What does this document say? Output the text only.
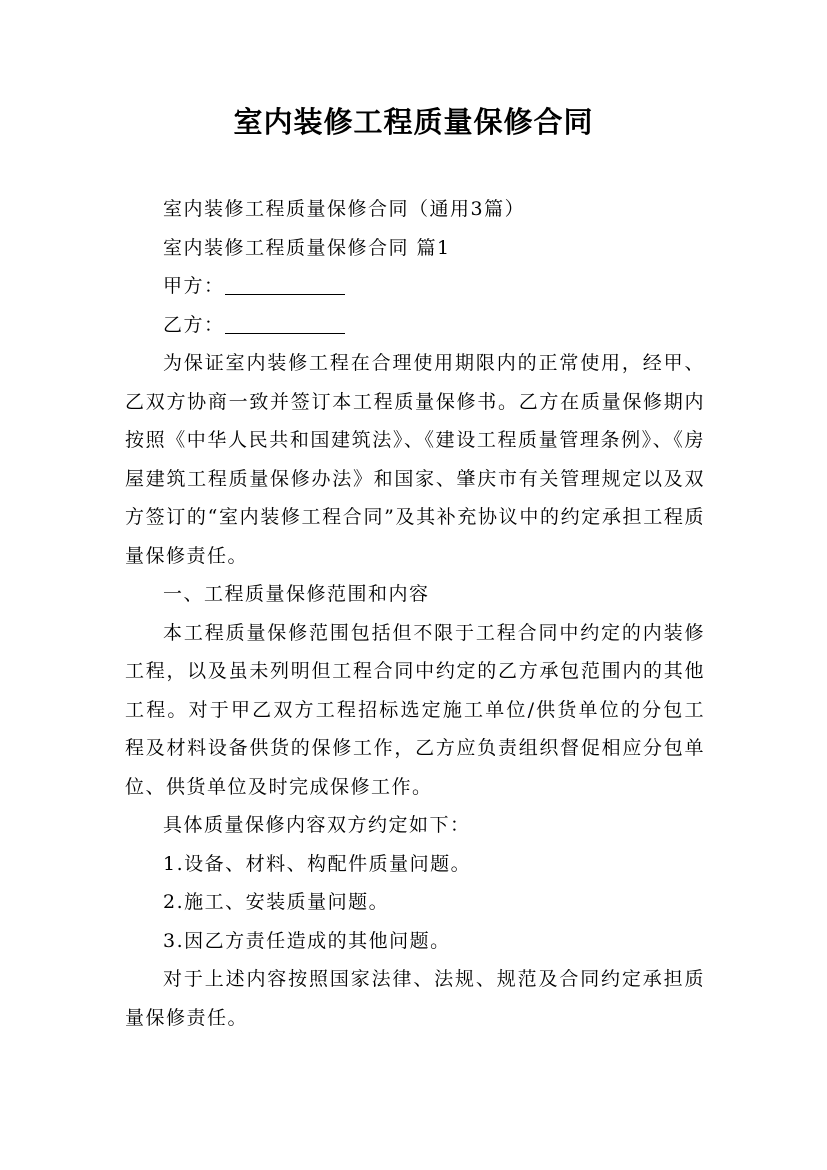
室内装修工程质量保修合同

室内装修工程质量保修合同（通用3篇）

室内装修工程质量保修合同 篇1

甲方：

乙方：

为保证室内装修工程在合理使用期限内的正常使用，经甲、乙双方协商一致并签订本工程质量保修书。乙方在质量保修期内按照《中华人民共和国建筑法》、《建设工程质量管理条例》、《房屋建筑工程质量保修办法》和国家、肇庆市有关管理规定以及双方签订的“室内装修工程合同”及其补充协议中的约定承担工程质量保修责任。

一、工程质量保修范围和内容

本工程质量保修范围包括但不限于工程合同中约定的内装修工程，以及虽未列明但工程合同中约定的乙方承包范围内的其他工程。对于甲乙双方工程招标选定施工单位/供货单位的分包工程及材料设备供货的保修工作，乙方应负责组织督促相应分包单位、供货单位及时完成保修工作。

具体质量保修内容双方约定如下：

1.设备、材料、构配件质量问题。

2.施工、安装质量问题。

3.因乙方责任造成的其他问题。

对于上述内容按照国家法律、法规、规范及合同约定承担质量保修责任。
